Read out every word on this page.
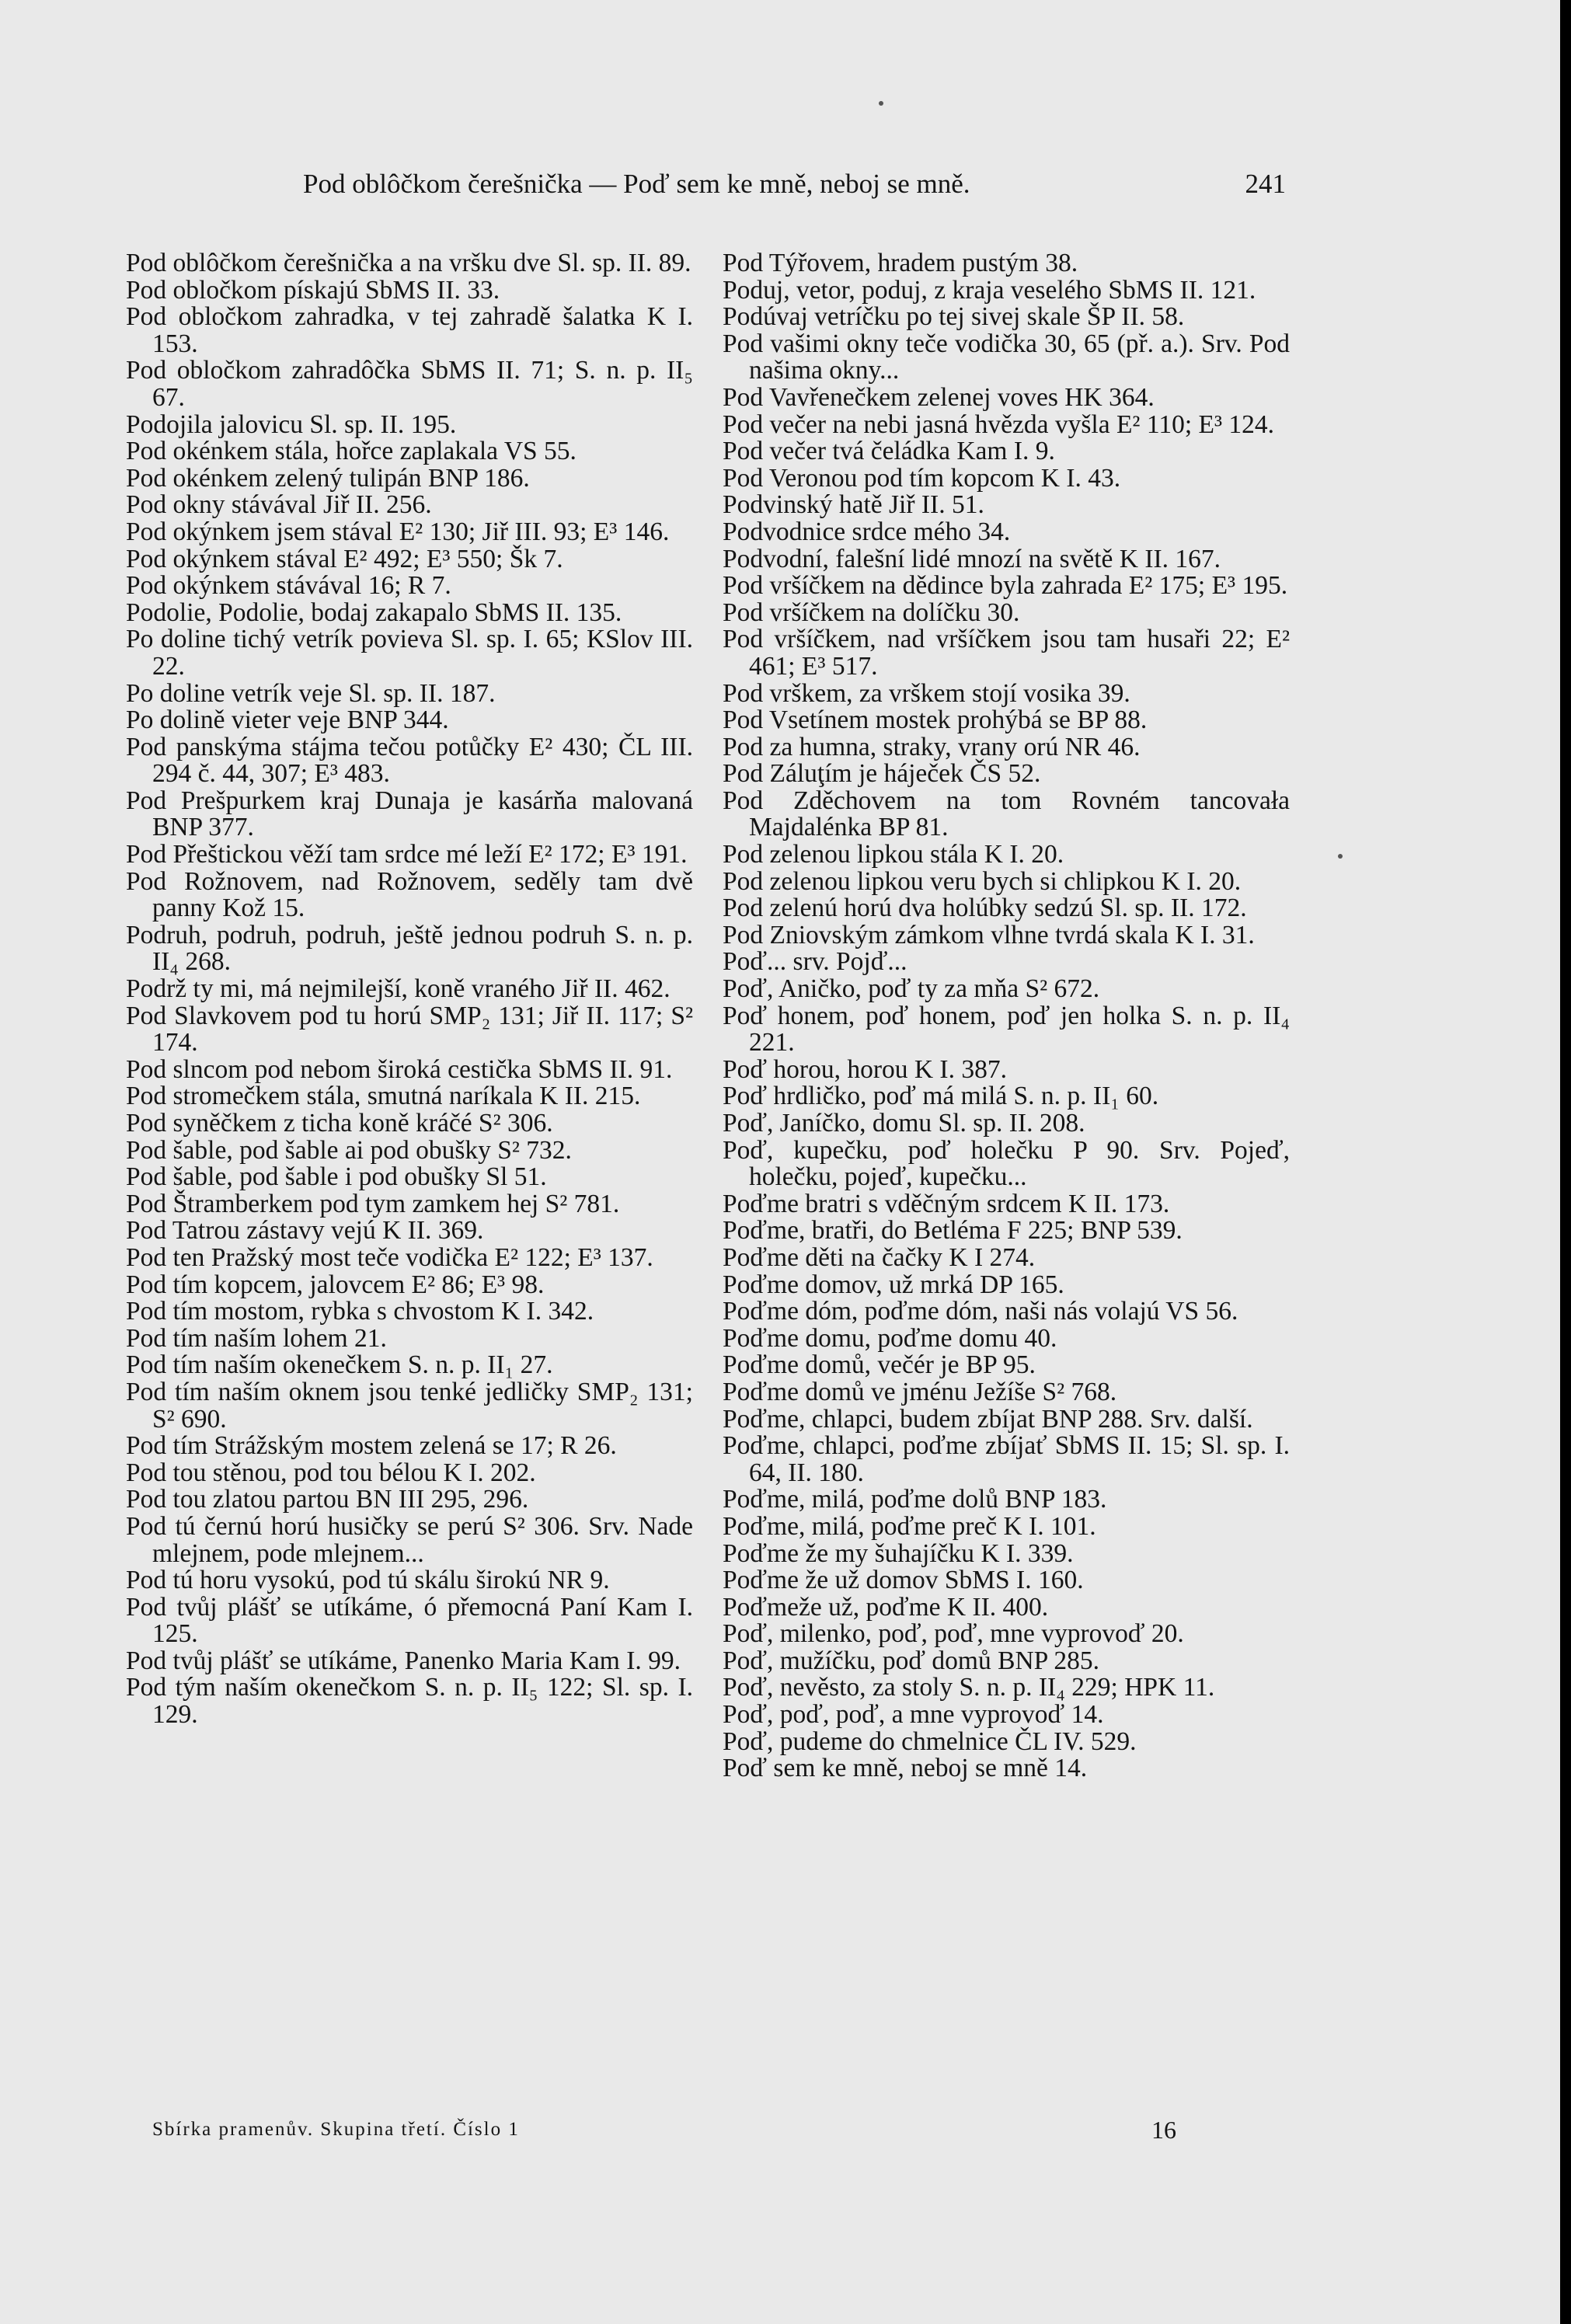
Pod oblôčkom čerešnička — Poď sem ke mně, neboj se mně.	241

Pod oblôčkom čerešnička a na vršku dve Sl. sp. II. 89.

Pod obločkom pískajú SbMS II. 33.

Pod obločkom zahradka, v tej zahradě šalatka K I. 153.

Pod obločkom zahradôčka SbMS II. 71; S. n. p. II₅ 67.

Podojila jalovicu Sl. sp. II. 195.

Pod okénkem stála, hořce zaplakala VS 55.

Pod okénkem zelený tulipán BNP 186.

Pod okny stávával Jiř II. 256.

Pod okýnkem jsem stával E² 130; Jiř III. 93; E³ 146.

Pod okýnkem stával E² 492; E³ 550; Šk 7.

Pod okýnkem stávával 16; R 7.

Podolie, Podolie, bodaj zakapalo SbMS II. 135.

Po doline tichý vetrík povieva Sl. sp. I. 65; KSlov III. 22.

Po doline vetrík veje Sl. sp. II. 187.

Po dolině vieter veje BNP 344.

Pod panskýma stájma tečou potůčky E² 430; ČL III. 294 č. 44, 307; E³ 483.

Pod Prešpurkem kraj Dunaja je kasárňa malovaná BNP 377.

Pod Přeštickou věží tam srdce mé leží E² 172; E³ 191.

Pod Rožnovem, nad Rožnovem, seděly tam dvě panny Kož 15.

Podruh, podruh, podruh, ještě jednou podruh S. n. p. II₄ 268.

Podrž ty mi, má nejmilejší, koně vraného Jiř II. 462.

Pod Slavkovem pod tu horú SMP₂ 131; Jiř II. 117; S² 174.

Pod slncom pod nebom široká cestička SbMS II. 91.

Pod stromečkem stála, smutná naríkala K II. 215.

Pod syněčkem z ticha koně kráčé S² 306.

Pod šable, pod šable ai pod obušky S² 732.

Pod šable, pod šable i pod obušky Sl 51.

Pod Štramberkem pod tym zamkem hej S² 781.

Pod Tatrou zástavy vejú K II. 369.

Pod ten Pražský most teče vodička E² 122; E³ 137.

Pod tím kopcem, jalovcem E² 86; E³ 98.

Pod tím mostom, rybka s chvostom K I. 342.

Pod tím naším lohem 21.

Pod tím naším okenečkem S. n. p. II₁ 27.

Pod tím naším oknem jsou tenké jedličky SMP₂ 131; S² 690.

Pod tím Strážským mostem zelená se 17; R 26.

Pod tou stěnou, pod tou bélou K I. 202.

Pod tou zlatou partou BN III 295, 296.

Pod tú černú horú husičky se perú S² 306. Srv. Nade mlejnem, pode mlejnem...

Pod tú horu vysokú, pod tú skálu širokú NR 9.

Pod tvůj plášť se utíkáme, ó přemocná Paní Kam I. 125.

Pod tvůj plášť se utíkáme, Panenko Maria Kam I. 99.

Pod tým naším okenečkom S. n. p. II₅ 122; Sl. sp. I. 129.

Pod Týřovem, hradem pustým 38.

Poduj, vetor, poduj, z kraja veselého SbMS II. 121.

Podúvaj vetríčku po tej sivej skale ŠP II. 58.

Pod vašimi okny teče vodička 30, 65 (př. a.). Srv. Pod našima okny...

Pod Vavřenečkem zelenej voves HK 364.

Pod večer na nebi jasná hvězda vyšla E² 110; E³ 124.

Pod večer tvá čeládka Kam I. 9.

Pod Veronou pod tím kopcom K I. 43.

Podvinský hatě Jiř II. 51.

Podvodnice srdce mého 34.

Podvodní, falešní lidé mnozí na světě K II. 167.

Pod vršíčkem na dědince byla zahrada E² 175; E³ 195.

Pod vršíčkem na dolíčku 30.

Pod vršíčkem, nad vršíčkem jsou tam husaři 22; E² 461; E³ 517.

Pod vrškem, za vrškem stojí vosika 39.

Pod Vsetínem mostek prohýbá se BP 88.

Pod za humna, straky, vrany orú NR 46.

Pod Záluţím je háječek ČS 52.

Pod Zděchovem na tom Rovném tancovała Majdalénka BP 81.

Pod zelenou lipkou stála K I. 20.

Pod zelenou lipkou veru bych si chlipkou K I. 20.

Pod zelenú horú dva holúbky sedzú Sl. sp. II. 172.

Pod Zniovským zámkom vlhne tvrdá skala K I. 31.

Poď... srv. Pojď...

Poď, Aničko, poď ty za mňa S² 672.

Poď honem, poď honem, poď jen holka S. n. p. II₄ 221.

Poď horou, horou K I. 387.

Poď hrdličko, poď má milá S. n. p. II₁ 60.

Poď, Janíčko, domu Sl. sp. II. 208.

Poď, kupečku, poď holečku P 90. Srv. Pojeď, holečku, pojeď, kupečku...

Poďme bratri s vděčným srdcem K II. 173.

Poďme, bratři, do Betléma F 225; BNP 539.

Poďme děti na čačky K I 274.

Poďme domov, už mrká DP 165.

Poďme dóm, poďme dóm, naši nás volajú VS 56.

Poďme domu, poďme domu 40.

Poďme domů, večér je BP 95.

Poďme domů ve jménu Ježíše S² 768.

Poďme, chlapci, budem zbíjat BNP 288. Srv. další.

Poďme, chlapci, poďme zbíjať SbMS II. 15; Sl. sp. I. 64, II. 180.

Poďme, milá, poďme dolů BNP 183.

Poďme, milá, poďme preč K I. 101.

Poďme že my šuhajíčku K I. 339.

Poďme že už domov SbMS I. 160.

Poďmeže už, poďme K II. 400.

Poď, milenko, poď, poď, mne vyprovoď 20.

Poď, mužíčku, poď domů BNP 285.

Poď, nevěsto, za stoly S. n. p. II₄ 229; HPK 11.

Poď, poď, poď, a mne vyprovoď 14.

Poď, pudeme do chmelnice ČL IV. 529.

Poď sem ke mně, neboj se mně 14.

Sbírka pramenův. Skupina třetí. Číslo 1	16
